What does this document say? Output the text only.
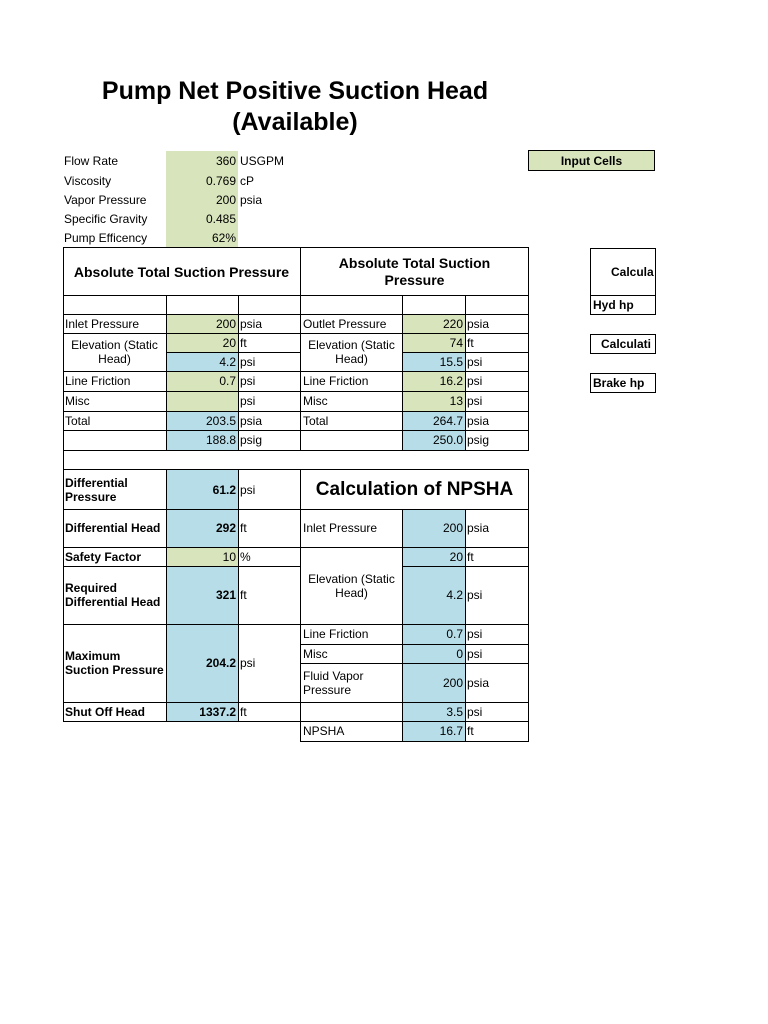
Pump Net Positive Suction Head
(Available)
Flow Rate	360 USGPM
Viscosity	0.769 cP
Vapor Pressure	200 psia
Specific Gravity	0.485
Pump Efficency	62%
Input Cells
Calcula
Hyd hp
Calculati
Brake hp
Absolute Total Suction Pressure
Absolute Total Suction Pressure
Inlet Pressure	200 psia
Elevation (Static Head)
20 ft
4.2 psi
Line Friction	0.7 psi
Misc	psi
Total	203.5 psia
188.8 psig
Outlet Pressure	220 psia
Elevation (Static Head)
74 ft
15.5 psi
Line Friction	16.2 psi
Misc	13 psi
Total	264.7 psia
250.0 psig
Differential Pressure	61.2 psi
Differential Head	292 ft
Safety Factor	10 %
Required Differential Head	321 ft
Maximum Suction Pressure	204.2 psi
Shut Off Head	1337.2 ft
Calculation of NPSHA
Inlet Pressure	200 psia
Elevation (Static Head)
20 ft
4.2 psi
Line Friction	0.7 psi
Misc	0 psi
Fluid Vapor Pressure	200 psia
3.5 psi
NPSHA	16.7 ft
